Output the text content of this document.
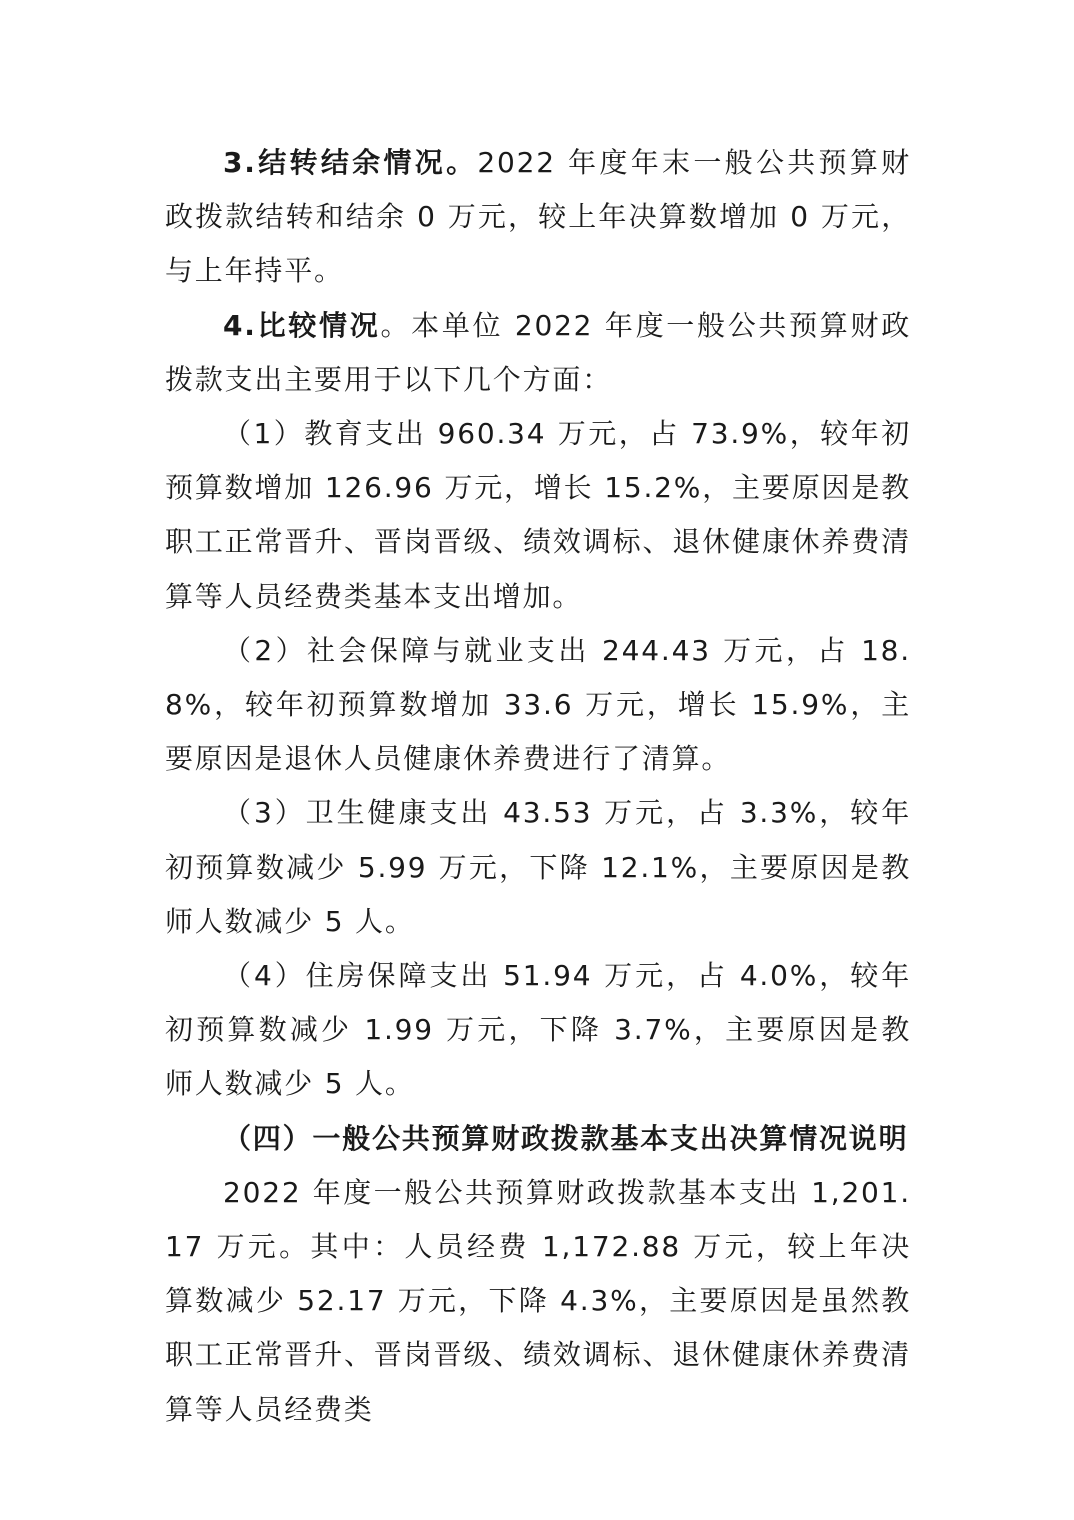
3.结转结余情况。2022 年度年末一般公共预算财政拨款结转和结余 0 万元，较上年决算数增加 0 万元，与上年持平。

4.比较情况。本单位 2022 年度一般公共预算财政拨款支出主要用于以下几个方面：

（1）教育支出 960.34 万元，占 73.9%，较年初预算数增加 126.96 万元，增长 15.2%，主要原因是教职工正常晋升、晋岗晋级、绩效调标、退休健康休养费清算等人员经费类基本支出增加。

（2）社会保障与就业支出 244.43 万元，占 18.8%，较年初预算数增加 33.6 万元，增长 15.9%，主要原因是退休人员健康休养费进行了清算。

（3）卫生健康支出 43.53 万元，占 3.3%，较年初预算数减少 5.99 万元，下降 12.1%，主要原因是教师人数减少 5 人。

（4）住房保障支出 51.94 万元，占 4.0%，较年初预算数减少 1.99 万元，下降 3.7%，主要原因是教师人数减少 5 人。

（四）一般公共预算财政拨款基本支出决算情况说明

2022 年度一般公共预算财政拨款基本支出 1,201.17 万元。其中：人员经费 1,172.88 万元，较上年决算数减少 52.17 万元，下降 4.3%，主要原因是虽然教职工正常晋升、晋岗晋级、绩效调标、退休健康休养费清算等人员经费类
